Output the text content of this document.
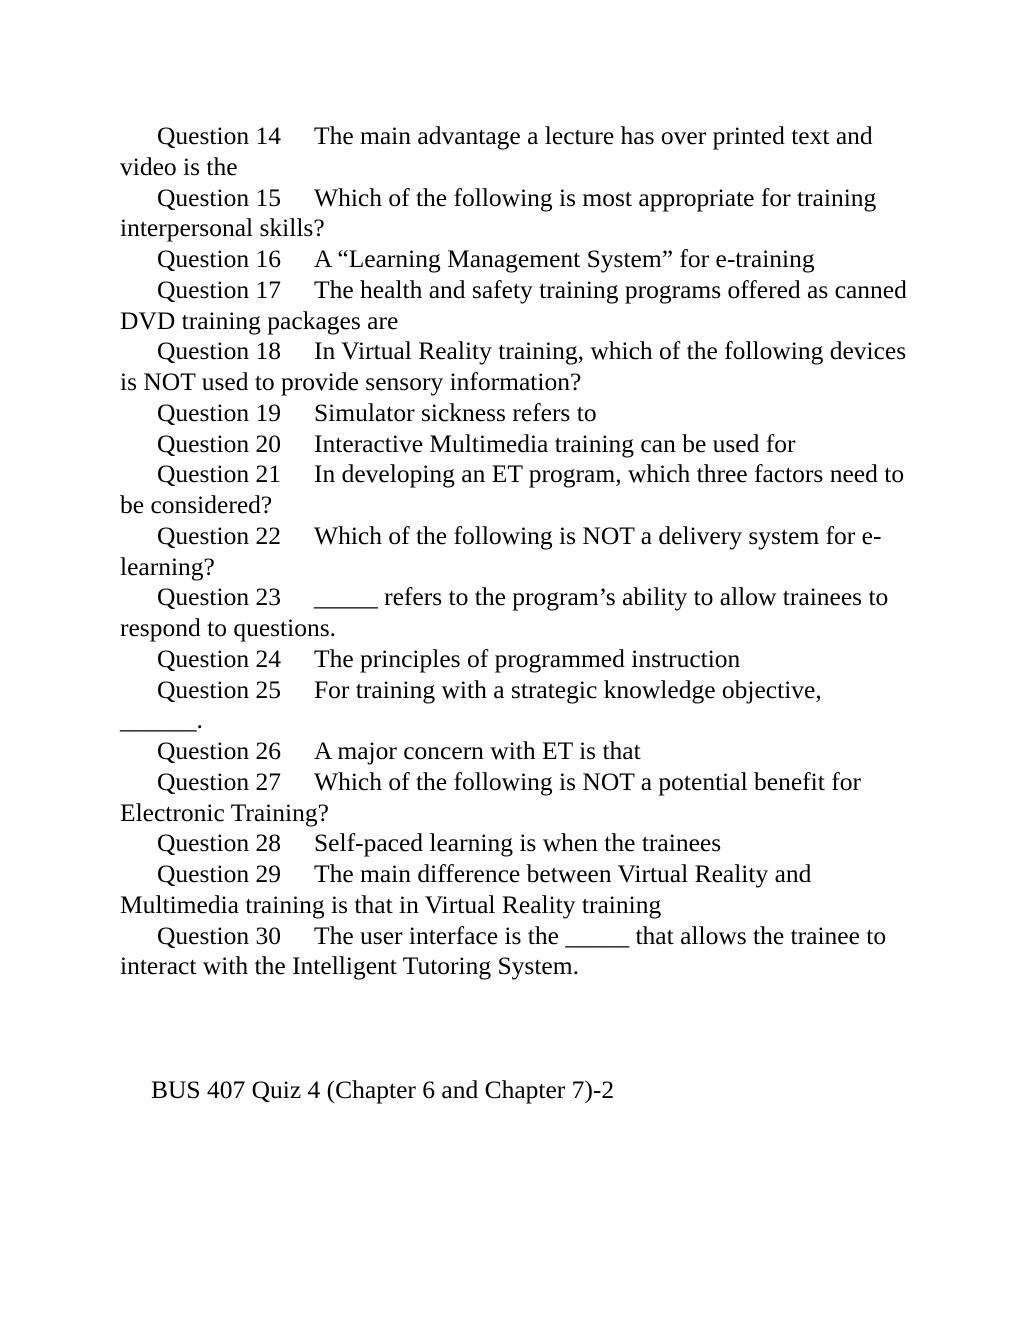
Question 14 The main advantage a lecture has over printed text and video is the

Question 15 Which of the following is most appropriate for training interpersonal skills?

Question 16 A “Learning Management System” for e-training

Question 17 The health and safety training programs offered as canned DVD training packages are

Question 18 In Virtual Reality training, which of the following devices is NOT used to provide sensory information?

Question 19 Simulator sickness refers to

Question 20 Interactive Multimedia training can be used for

Question 21 In developing an ET program, which three factors need to be considered?

Question 22 Which of the following is NOT a delivery system for e-learning?

Question 23 _____ refers to the program’s ability to allow trainees to respond to questions.

Question 24 The principles of programmed instruction

Question 25 For training with a strategic knowledge objective, ______.

Question 26 A major concern with ET is that

Question 27 Which of the following is NOT a potential benefit for Electronic Training?

Question 28 Self-paced learning is when the trainees

Question 29 The main difference between Virtual Reality and Multimedia training is that in Virtual Reality training

Question 30 The user interface is the _____ that allows the trainee to interact with the Intelligent Tutoring System.

BUS 407 Quiz 4 (Chapter 6 and Chapter 7)-2
